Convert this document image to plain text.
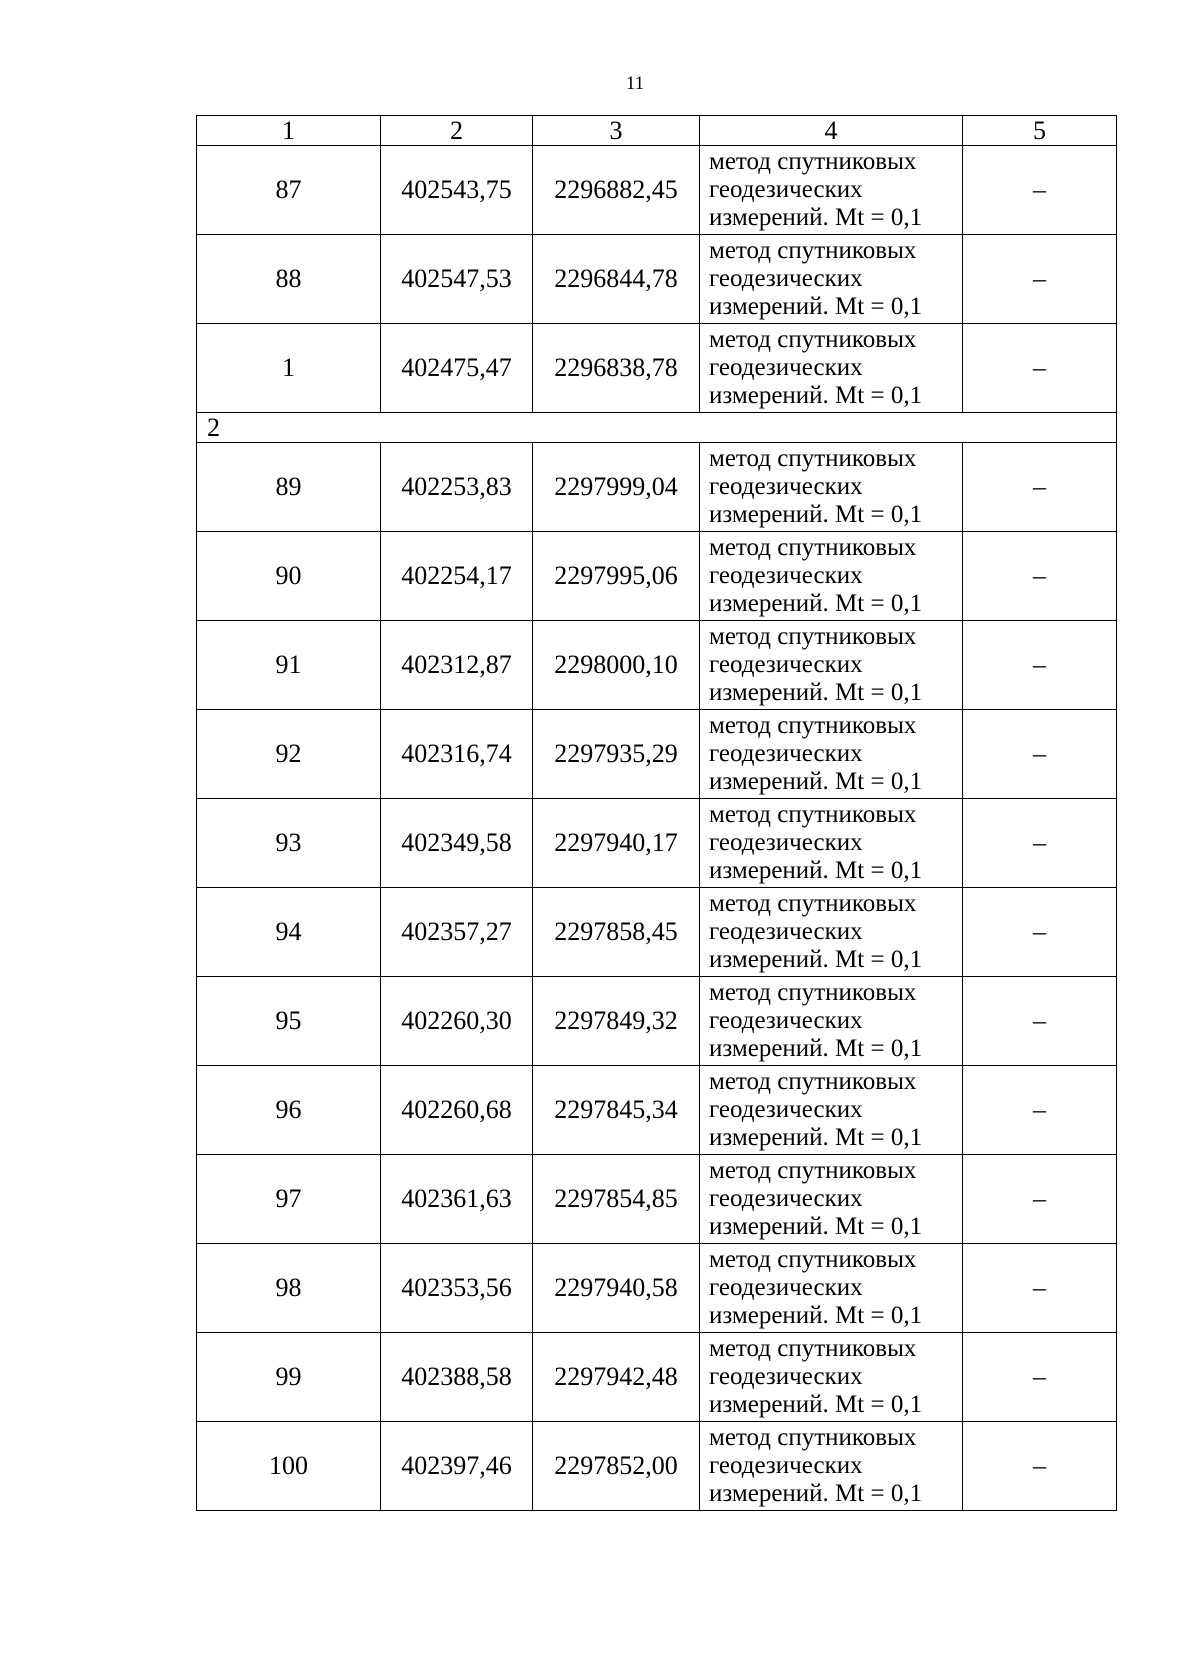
11
1	2	3	4	5
87	402543,75	2296882,45	метод спутниковых
геодезических
измерений. Mt = 0,1	–
88	402547,53	2296844,78	метод спутниковых
геодезических
измерений. Mt = 0,1	–
1	402475,47	2296838,78	метод спутниковых
геодезических
измерений. Mt = 0,1	–
2				
89	402253,83	2297999,04	метод спутниковых
геодезических
измерений. Mt = 0,1	–
90	402254,17	2297995,06	метод спутниковых
геодезических
измерений. Mt = 0,1	–
91	402312,87	2298000,10	метод спутниковых
геодезических
измерений. Mt = 0,1	–
92	402316,74	2297935,29	метод спутниковых
геодезических
измерений. Mt = 0,1	–
93	402349,58	2297940,17	метод спутниковых
геодезических
измерений. Mt = 0,1	–
94	402357,27	2297858,45	метод спутниковых
геодезических
измерений. Mt = 0,1	–
95	402260,30	2297849,32	метод спутниковых
геодезических
измерений. Mt = 0,1	–
96	402260,68	2297845,34	метод спутниковых
геодезических
измерений. Mt = 0,1	–
97	402361,63	2297854,85	метод спутниковых
геодезических
измерений. Mt = 0,1	–
98	402353,56	2297940,58	метод спутниковых
геодезических
измерений. Mt = 0,1	–
99	402388,58	2297942,48	метод спутниковых
геодезических
измерений. Mt = 0,1	–
100	402397,46	2297852,00	метод спутниковых
геодезических
измерений. Mt = 0,1	–
